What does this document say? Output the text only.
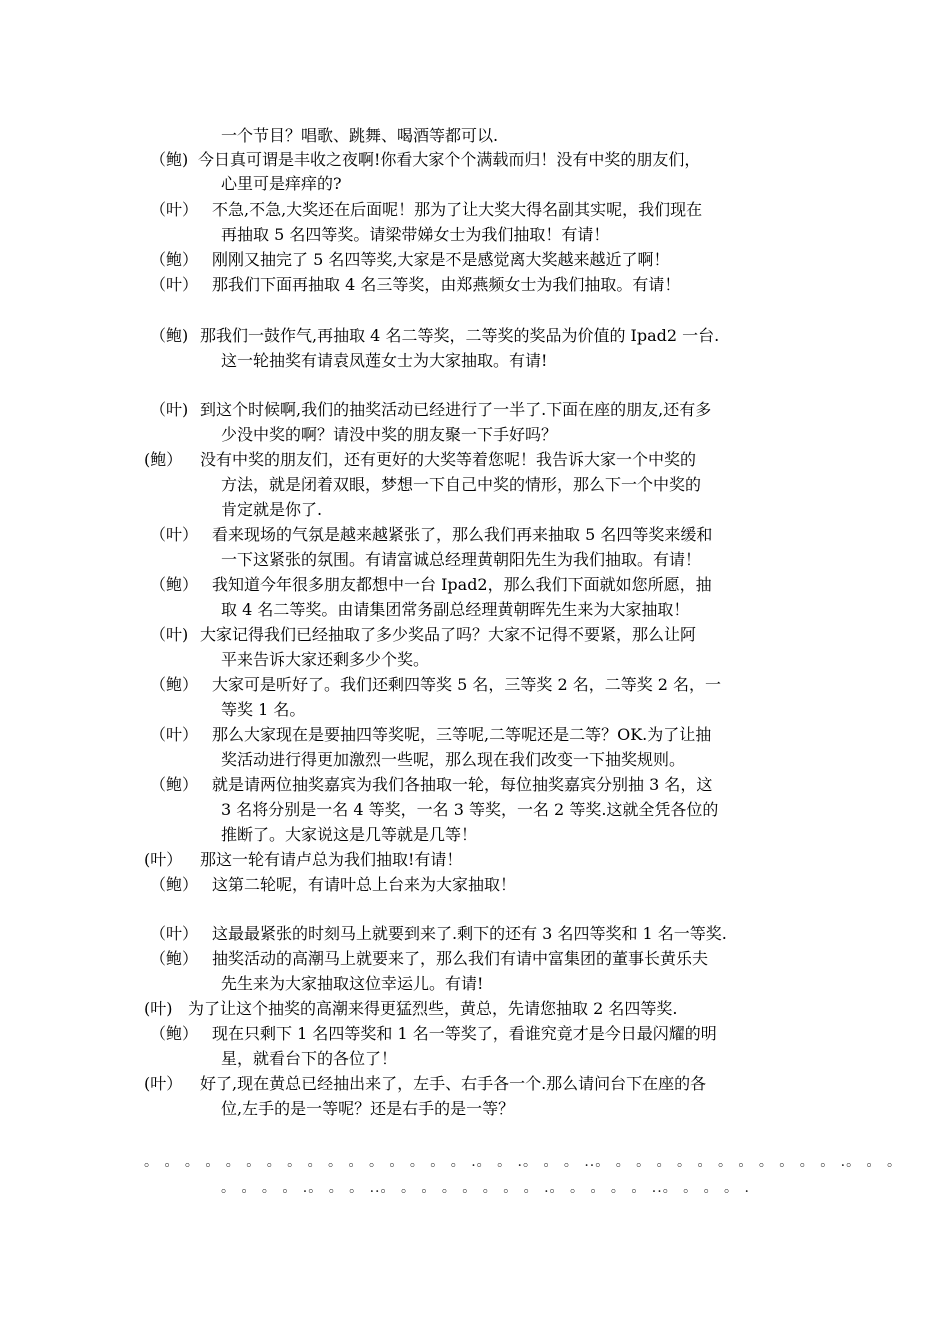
一个节目？唱歌、跳舞、喝酒等都可以.
（鲍) 今日真可谓是丰收之夜啊!你看大家个个满载而归！没有中奖的朋友们，
心里可是痒痒的?
（叶） 不急,不急,大奖还在后面呢！那为了让大奖大得名副其实呢，我们现在
再抽取 5 名四等奖。请梁带娣女士为我们抽取！有请！
（鲍） 刚刚又抽完了 5 名四等奖,大家是不是感觉离大奖越来越近了啊！
（叶） 那我们下面再抽取 4 名三等奖，由郑燕频女士为我们抽取。有请！
（鲍) 那我们一鼓作气,再抽取 4 名二等奖，二等奖的奖品为价值的 Ipad2 一台.
这一轮抽奖有请袁凤莲女士为大家抽取。有请!
（叶) 到这个时候啊,我们的抽奖活动已经进行了一半了.下面在座的朋友,还有多
少没中奖的啊？请没中奖的朋友聚一下手好吗？
(鲍） 没有中奖的朋友们，还有更好的大奖等着您呢！我告诉大家一个中奖的
方法，就是闭着双眼，梦想一下自己中奖的情形，那么下一个中奖的
肯定就是你了.
（叶） 看来现场的气氛是越来越紧张了，那么我们再来抽取 5 名四等奖来缓和
一下这紧张的氛围。有请富诚总经理黄朝阳先生为我们抽取。有请！
（鲍） 我知道今年很多朋友都想中一台 Ipad2，那么我们下面就如您所愿，抽
取 4 名二等奖。由请集团常务副总经理黄朝晖先生来为大家抽取！
（叶) 大家记得我们已经抽取了多少奖品了吗？大家不记得不要紧，那么让阿
平来告诉大家还剩多少个奖。
（鲍） 大家可是听好了。我们还剩四等奖 5 名，三等奖 2 名，二等奖 2 名，一
等奖 1 名。
（叶） 那么大家现在是要抽四等奖呢，三等呢,二等呢还是二等？OK.为了让抽
奖活动进行得更加激烈一些呢，那么现在我们改变一下抽奖规则。
（鲍） 就是请两位抽奖嘉宾为我们各抽取一轮，每位抽奖嘉宾分别抽 3 名，这
3 名将分别是一名 4 等奖，一名 3 等奖，一名 2 等奖.这就全凭各位的
推断了。大家说这是几等就是几等！
(叶） 那这一轮有请卢总为我们抽取!有请！
（鲍） 这第二轮呢，有请叶总上台来为大家抽取！
（叶） 这最最紧张的时刻马上就要到来了.剩下的还有 3 名四等奖和 1 名一等奖.
（鲍） 抽奖活动的高潮马上就要来了，那么我们有请中富集团的董事长黄乐夫
先生来为大家抽取这位幸运儿。有请!
(叶) 为了让这个抽奖的高潮来得更猛烈些，黄总，先请您抽取 2 名四等奖.
（鲍） 现在只剩下 1 名四等奖和 1 名一等奖了，看谁究竟才是今日最闪耀的明
星，就看台下的各位了！
(叶） 好了,现在黄总已经抽出来了，左手、右手各一个.那么请问台下在座的各
位,左手的是一等呢？还是右手的是一等？
。 。 。 。 。 。 。 。 。 。 。 。 。 。 。 。 .。 。 .。 。 。 ..。 。 。 。 。 。 。 。 。 。 。 。 .。 。 。
。 。 。 。 .。 。 。 ..。 。 。 。 。 。 。 。 .。 。 。 。 。 ..。 。 。 。 .
